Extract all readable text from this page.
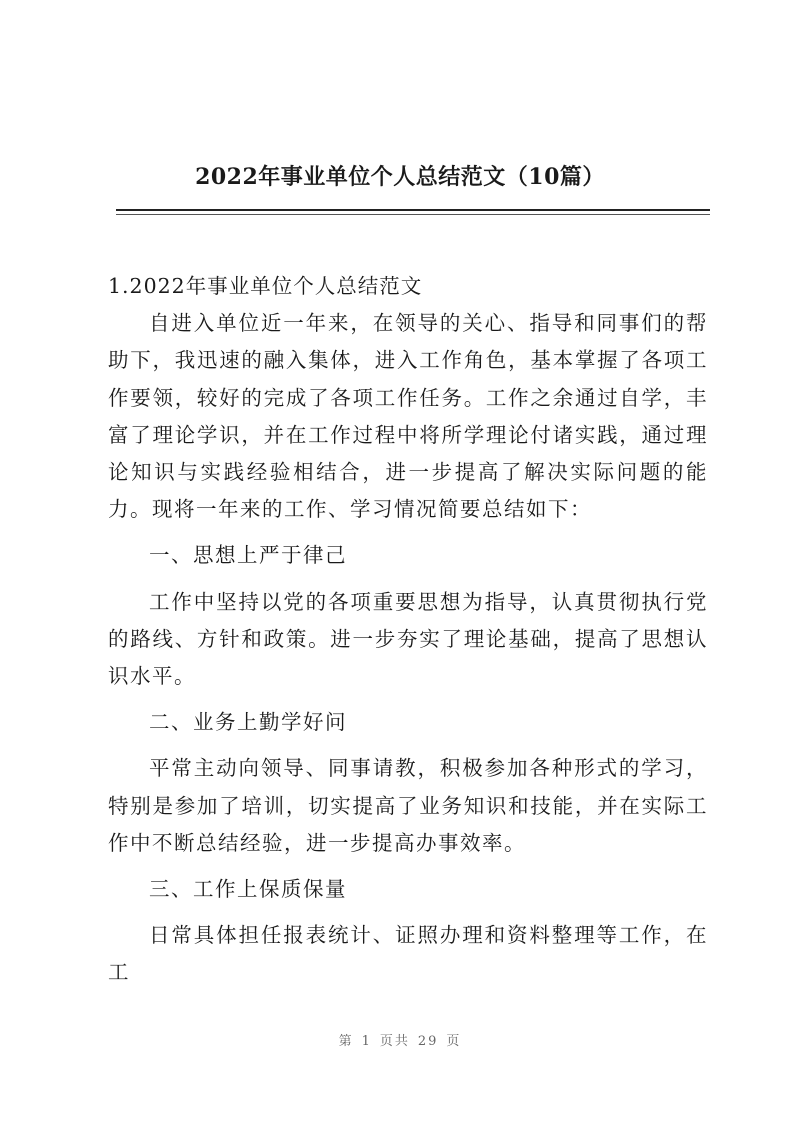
2022年事业单位个人总结范文（10篇）

1.2022年事业单位个人总结范文

自进入单位近一年来，在领导的关心、指导和同事们的帮助下，我迅速的融入集体，进入工作角色，基本掌握了各项工作要领，较好的完成了各项工作任务。工作之余通过自学，丰富了理论学识，并在工作过程中将所学理论付诸实践，通过理论知识与实践经验相结合，进一步提高了解决实际问题的能力。现将一年来的工作、学习情况简要总结如下：

一、思想上严于律己

工作中坚持以党的各项重要思想为指导，认真贯彻执行党的路线、方针和政策。进一步夯实了理论基础，提高了思想认识水平。

二、业务上勤学好问

平常主动向领导、同事请教，积极参加各种形式的学习，特别是参加了培训，切实提高了业务知识和技能，并在实际工作中不断总结经验，进一步提高办事效率。

三、工作上保质保量

日常具体担任报表统计、证照办理和资料整理等工作，在工

第 1 页共 29 页
